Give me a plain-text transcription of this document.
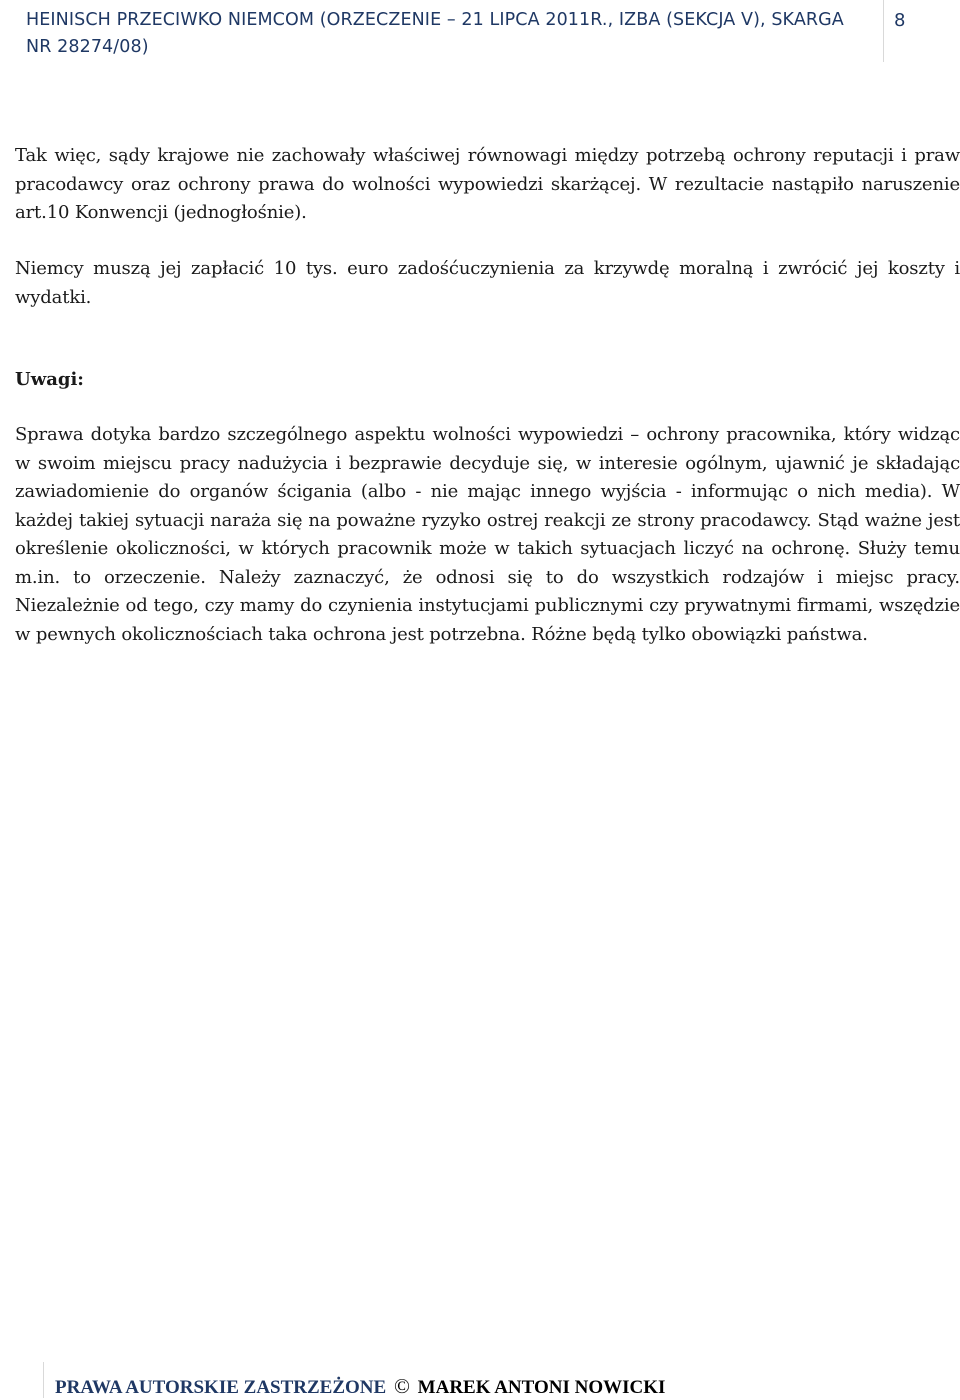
HEINISCH PRZECIWKO NIEMCOM (ORZECZENIE – 21 LIPCA 2011R., IZBA (SEKCJA V), SKARGA NR 28274/08)
8

Tak więc, sądy krajowe nie zachowały właściwej równowagi między potrzebą ochrony reputacji i praw pracodawcy oraz ochrony prawa do wolności wypowiedzi skarżącej. W rezultacie nastąpiło naruszenie art.10 Konwencji (jednogłośnie).

Niemcy muszą jej zapłacić 10 tys. euro zadośćuczynienia za krzywdę moralną i zwrócić jej koszty i wydatki.

Uwagi:

Sprawa dotyka bardzo szczególnego aspektu wolności wypowiedzi – ochrony pracownika, który widząc w swoim miejscu pracy nadużycia i bezprawie decyduje się, w interesie ogólnym, ujawnić je składając zawiadomienie do organów ścigania (albo - nie mając innego wyjścia - informując o nich media). W każdej takiej sytuacji naraża się na poważne ryzyko ostrej reakcji ze strony pracodawcy. Stąd ważne jest określenie okoliczności, w których pracownik może w takich sytuacjach liczyć na ochronę. Służy temu m.in. to orzeczenie. Należy zaznaczyć, że odnosi się to do wszystkich rodzajów i miejsc pracy. Niezależnie od tego, czy mamy do czynienia instytucjami publicznymi czy prywatnymi firmami, wszędzie w pewnych okolicznościach taka ochrona jest potrzebna. Różne będą tylko obowiązki państwa.

PRAWA AUTORSKIE ZASTRZEŻONE © MAREK ANTONI NOWICKI
